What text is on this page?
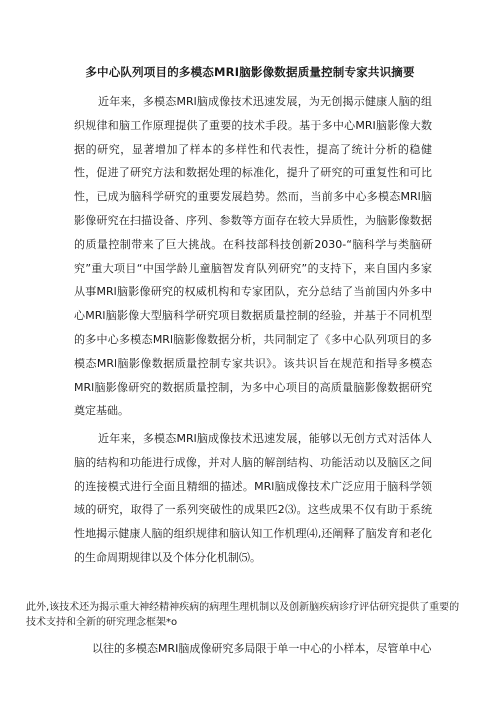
多中心队列项目的多模态MRI脑影像数据质量控制专家共识摘要

近年来，多模态MRl脑成像技术迅速发展，为无创揭示健康人脑的组织规律和脑工作原理提供了重要的技术手段。基于多中心MRI脑影像大数据的研究，显著增加了样本的多样性和代表性，提高了统计分析的稳健性，促进了研究方法和数据处理的标准化，提升了研究的可重复性和可比性，已成为脑科学研究的重要发展趋势。然而，当前多中心多模态MRl脑影像研究在扫描设备、序列、参数等方面存在较大异质性，为脑影像数据的质量控制带来了巨大挑战。在科技部科技创新2030-“脑科学与类脑研究”重大项目“中国学龄儿童脑智发育队列研究”的支持下，来自国内多家从事MRl脑影像研究的权威机构和专家团队，充分总结了当前国内外多中心MRl脑影像大型脑科学研究项目数据质量控制的经验，并基于不同机型的多中心多模态MRl脑影像数据分析，共同制定了《多中心队列项目的多模态MRl脑影像数据质量控制专家共识》。该共识旨在规范和指导多模态MRl脑影像研究的数据质量控制，为多中心项目的高质量脑影像数据研究奠定基础。

近年来，多模态MRl脑成像技术迅速发展，能够以无创方式对活体人脑的结构和功能进行成像，并对人脑的解剖结构、功能活动以及脑区之间的连接模式进行全面且精细的描述。MRl脑成像技术广泛应用于脑科学领域的研究，取得了一系列突破性的成果匹2⑶。这些成果不仅有助于系统性地揭示健康人脑的组织规律和脑认知工作机理⑷,还阐释了脑发育和老化的生命周期规律以及个体分化机制⑸。

此外,该技术还为揭示重大神经精神疾病的病理生理机制以及创新脑疾病诊疗评估研究提供了重要的技术支持和全新的研究理念框架*o

以往的多模态MRI脑成像研究多局限于单一中心的小样本，尽管单中心
